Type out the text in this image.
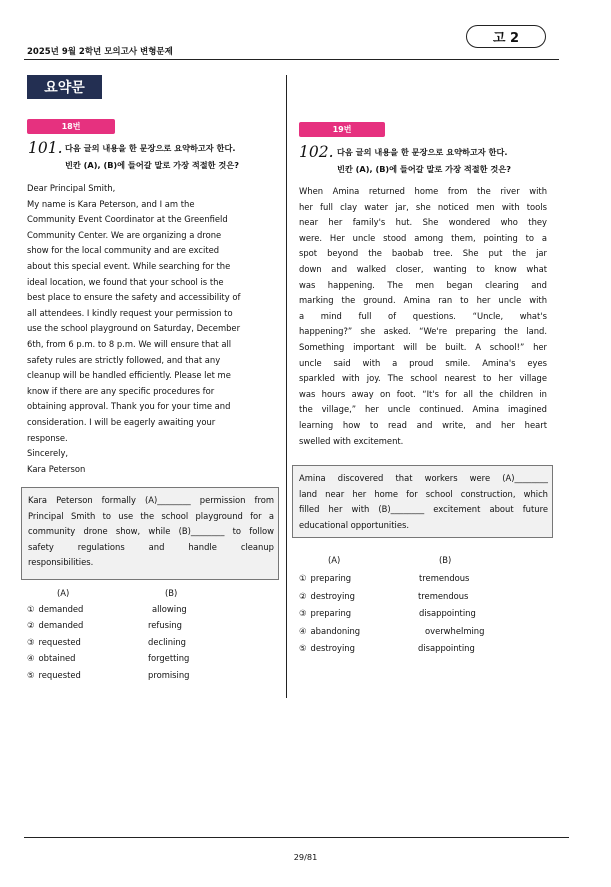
2025년 9월 2학년 모의고사 변형문제
고 2
요약문
18번
101. 다음 글의 내용을 한 문장으로 요약하고자 한다.
빈칸 (A), (B)에 들어갈 말로 가장 적절한 것은?
Dear Principal Smith,
My name is Kara Peterson, and I am the
Community Event Coordinator at the Greenfield
Community Center. We are organizing a drone
show for the local community and are excited
about this special event. While searching for the
ideal location, we found that your school is the
best place to ensure the safety and accessibility of
all attendees. I kindly request your permission to
use the school playground on Saturday, December
6th, from 6 p.m. to 8 p.m. We will ensure that all
safety rules are strictly followed, and that any
cleanup will be handled efficiently. Please let me
know if there are any specific procedures for
obtaining approval. Thank you for your time and
consideration. I will be eagerly awaiting your
response.
Sincerely,
Kara Peterson
Kara Peterson formally (A)________ permission from
Principal Smith to use the school playground for a
community drone show, while (B)________ to follow
safety regulations and handle cleanup
responsibilities.
(A)	(B)
① demanded	allowing
② demanded	refusing
③ requested	declining
④ obtained	forgetting
⑤ requested	promising
19번
102. 다음 글의 내용을 한 문장으로 요약하고자 한다.
빈칸 (A), (B)에 들어갈 말로 가장 적절한 것은?
When Amina returned home from the river with
her full clay water jar, she noticed men with tools
near her family's hut. She wondered who they
were. Her uncle stood among them, pointing to a
spot beyond the baobab tree. She put the jar
down and walked closer, wanting to know what
was happening. The men began clearing and
marking the ground. Amina ran to her uncle with
a mind full of questions. “Uncle, what's
happening?” she asked. “We're preparing the land.
Something important will be built. A school!” her
uncle said with a proud smile. Amina's eyes
sparkled with joy. The school nearest to her village
was hours away on foot. “It's for all the children in
the village,” her uncle continued. Amina imagined
learning how to read and write, and her heart
swelled with excitement.
Amina discovered that workers were (A)________
land near her home for school construction, which
filled her with (B)________ excitement about future
educational opportunities.
(A)	(B)
① preparing	tremendous
② destroying	tremendous
③ preparing	disappointing
④ abandoning	overwhelming
⑤ destroying	disappointing
29/81
